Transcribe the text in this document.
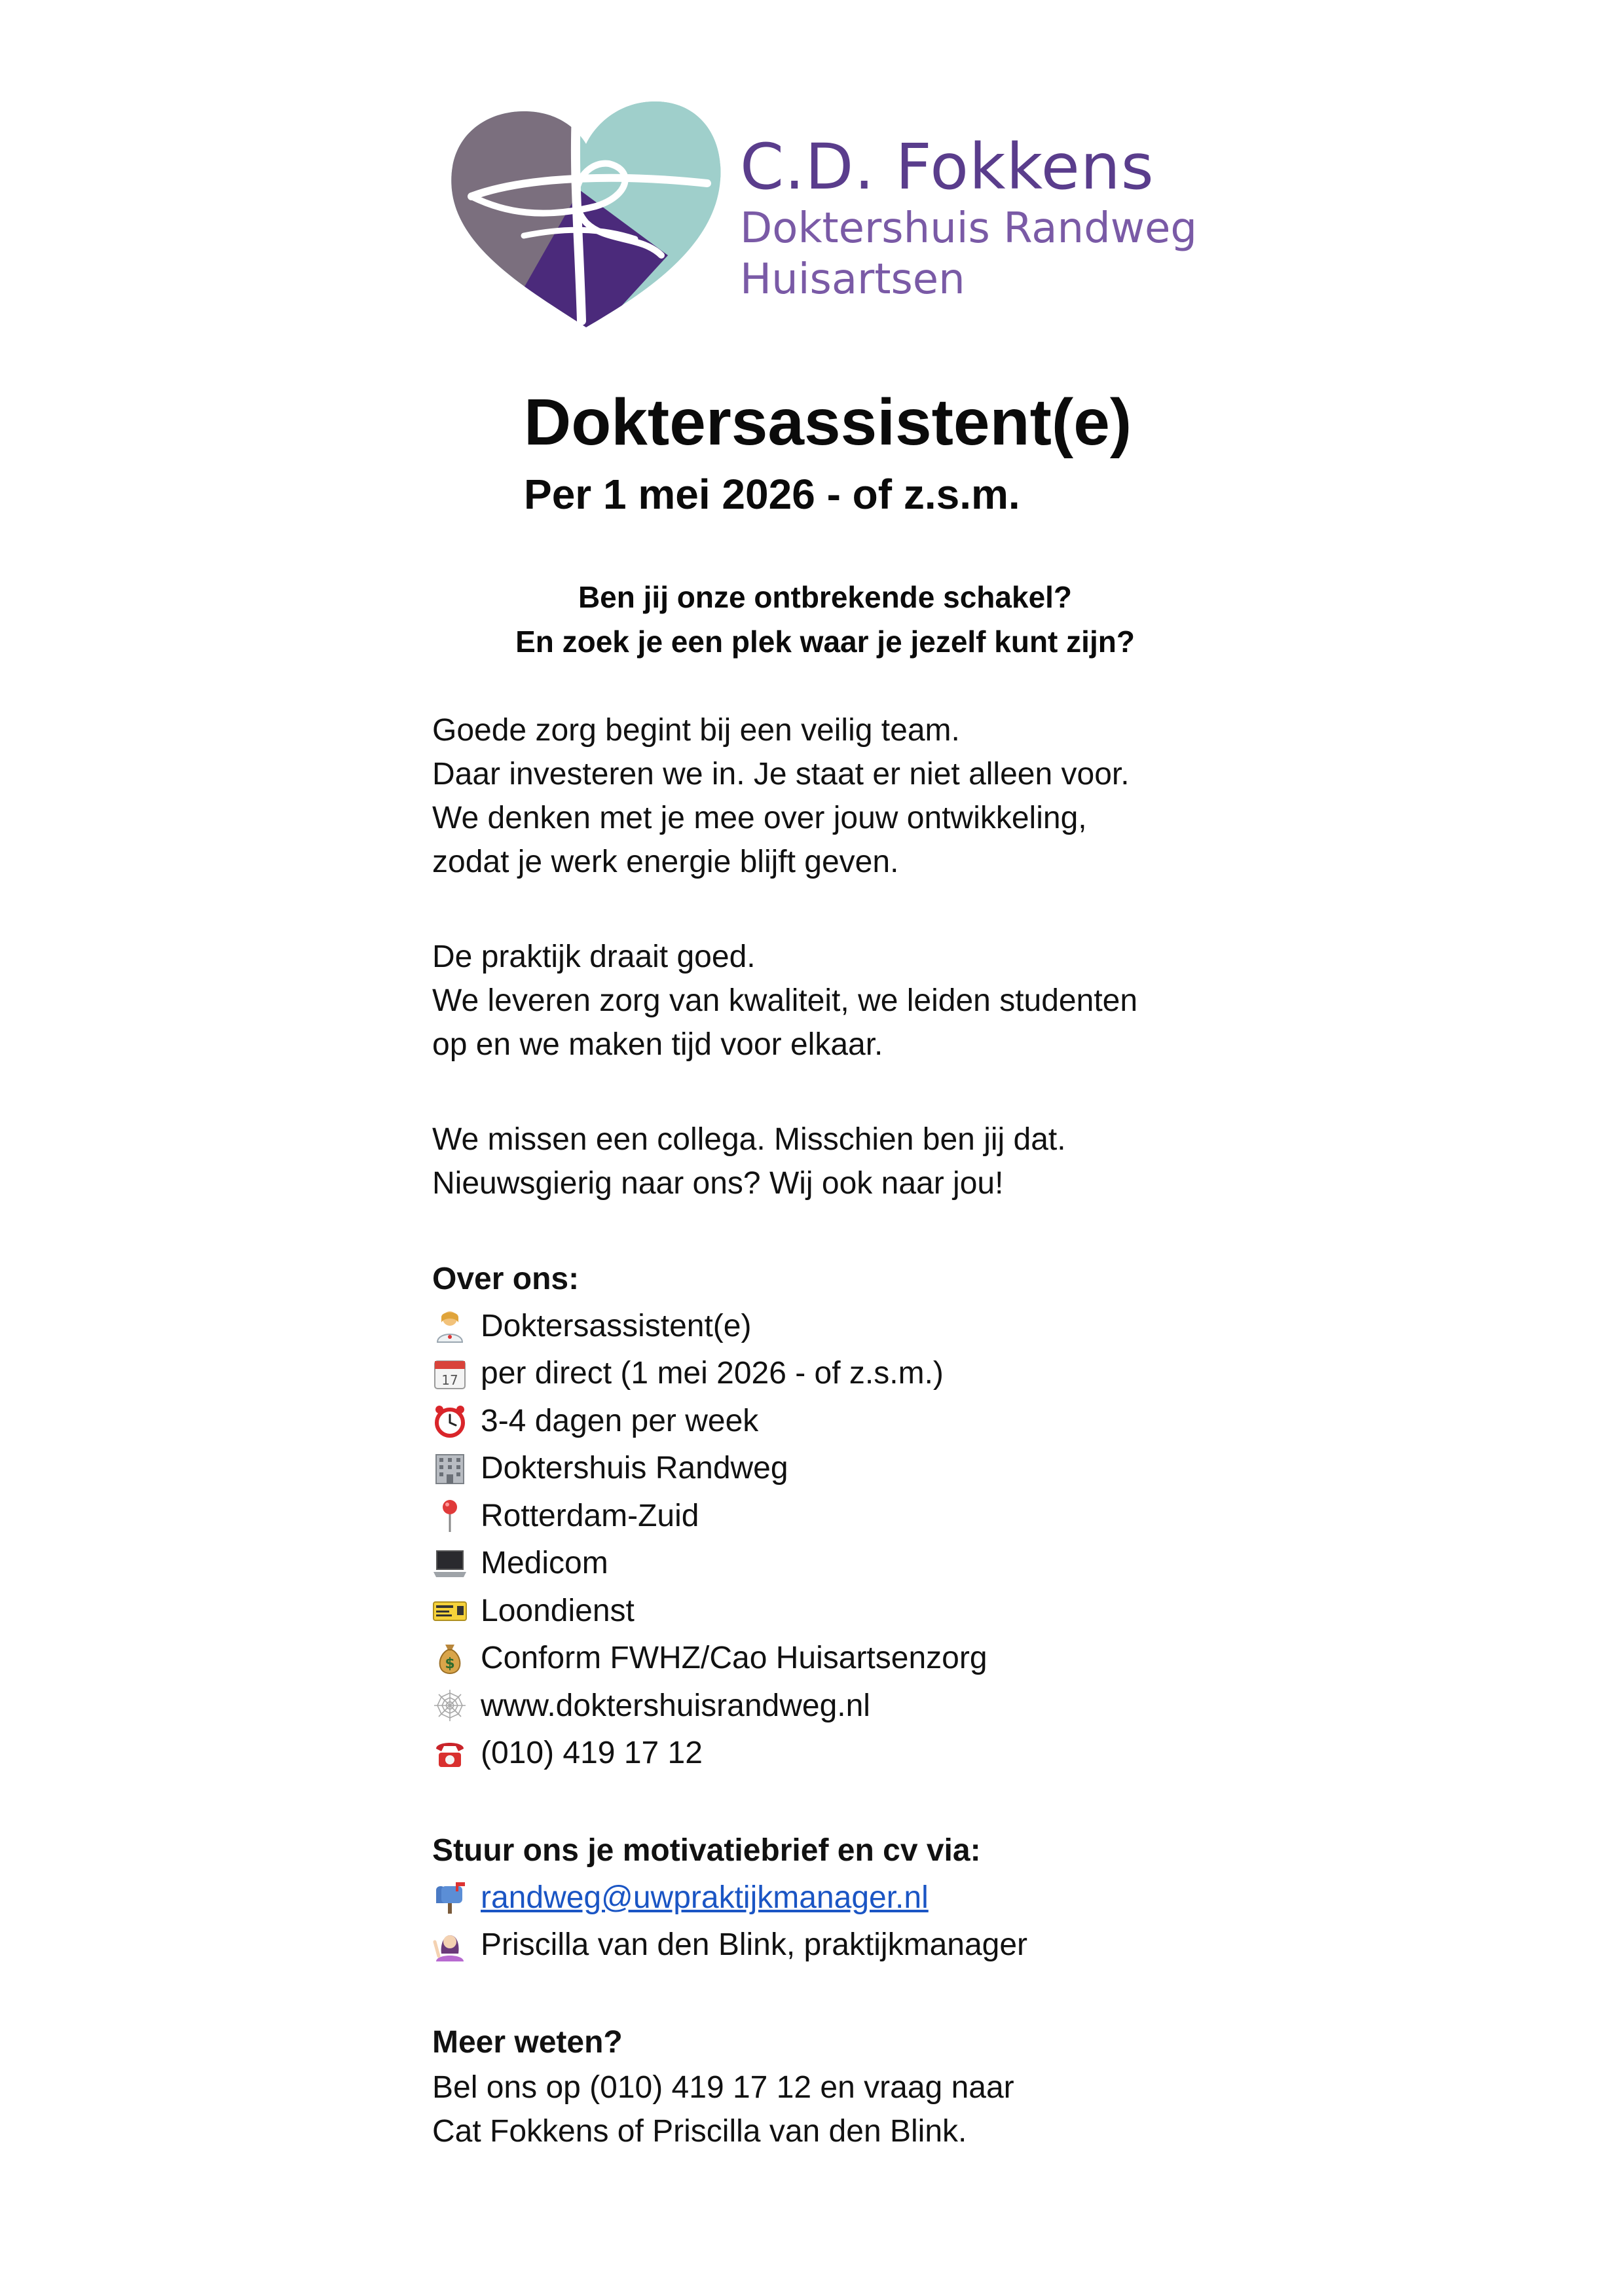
C.D. Fokkens
Doktershuis Randweg
Huisartsen
Doktersassistent(e)
Per 1 mei 2026 - of z.s.m.
Ben jij onze ontbrekende schakel?
En zoek je een plek waar je jezelf kunt zijn?
Goede zorg begint bij een veilig team.
Daar investeren we in. Je staat er niet alleen voor.
We denken met je mee over jouw ontwikkeling,
zodat je werk energie blijft geven.
De praktijk draait goed.
We leveren zorg van kwaliteit, we leiden studenten
op en we maken tijd voor elkaar.
We missen een collega. Misschien ben jij dat.
Nieuwsgierig naar ons? Wij ook naar jou!
Over ons:
Doktersassistent(e)
17 per direct (1 mei 2026 - of z.s.m.)
3-4 dagen per week
Doktershuis Randweg
Rotterdam-Zuid
Medicom
Loondienst
$ Conform FWHZ/Cao Huisartsenzorg
www.doktershuisrandweg.nl
(010) 419 17 12
Stuur ons je motivatiebrief en cv via:
randweg@uwpraktijkmanager.nl
Priscilla van den Blink, praktijkmanager
Meer weten?
Bel ons op (010) 419 17 12 en vraag naar
Cat Fokkens of Priscilla van den Blink.
